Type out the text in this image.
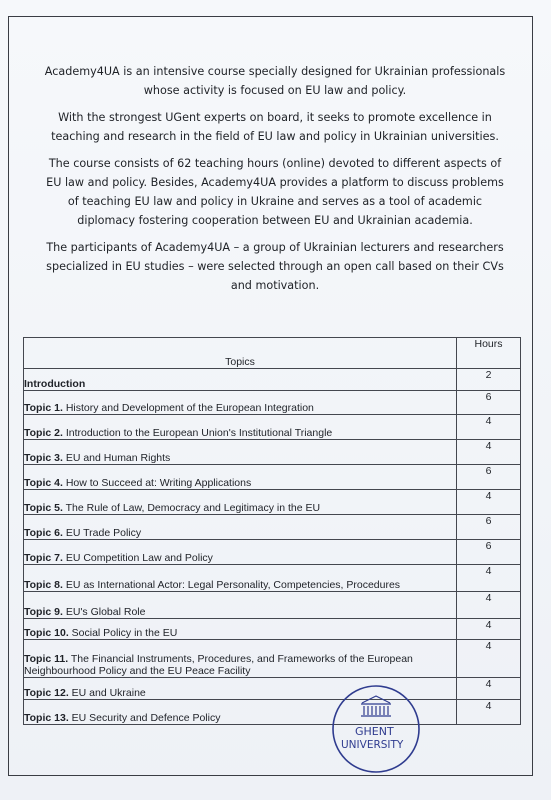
Academy4UA is an intensive course specially designed for Ukrainian professionals whose activity is focused on EU law and policy.

With the strongest UGent experts on board, it seeks to promote excellence in teaching and research in the field of EU law and policy in Ukrainian universities.

The course consists of 62 teaching hours (online) devoted to different aspects of EU law and policy. Besides, Academy4UA provides a platform to discuss problems of teaching EU law and policy in Ukraine and serves as a tool of academic diplomacy fostering cooperation between EU and Ukrainian academia.

The participants of Academy4UA – a group of Ukrainian lecturers and researchers specialized in EU studies – were selected through an open call based on their CVs and motivation.

Topics	Hours
Introduction	2
Topic 1. History and Development of the European Integration	6
Topic 2. Introduction to the European Union's Institutional Triangle	4
Topic 3. EU and Human Rights	4
Topic 4. How to Succeed at: Writing Applications	6
Topic 5. The Rule of Law, Democracy and Legitimacy in the EU	4
Topic 6. EU Trade Policy	6
Topic 7. EU Competition Law and Policy	6
Topic 8. EU as International Actor: Legal Personality, Competencies, Procedures	4
Topic 9. EU's Global Role	4
Topic 10. Social Policy in the EU	4
Topic 11. The Financial Instruments, Procedures, and Frameworks of the European Neighbourhood Policy and the EU Peace Facility	4
Topic 12. EU and Ukraine	4
Topic 13. EU Security and Defence Policy	4
GHENT
UNIVERSITY
